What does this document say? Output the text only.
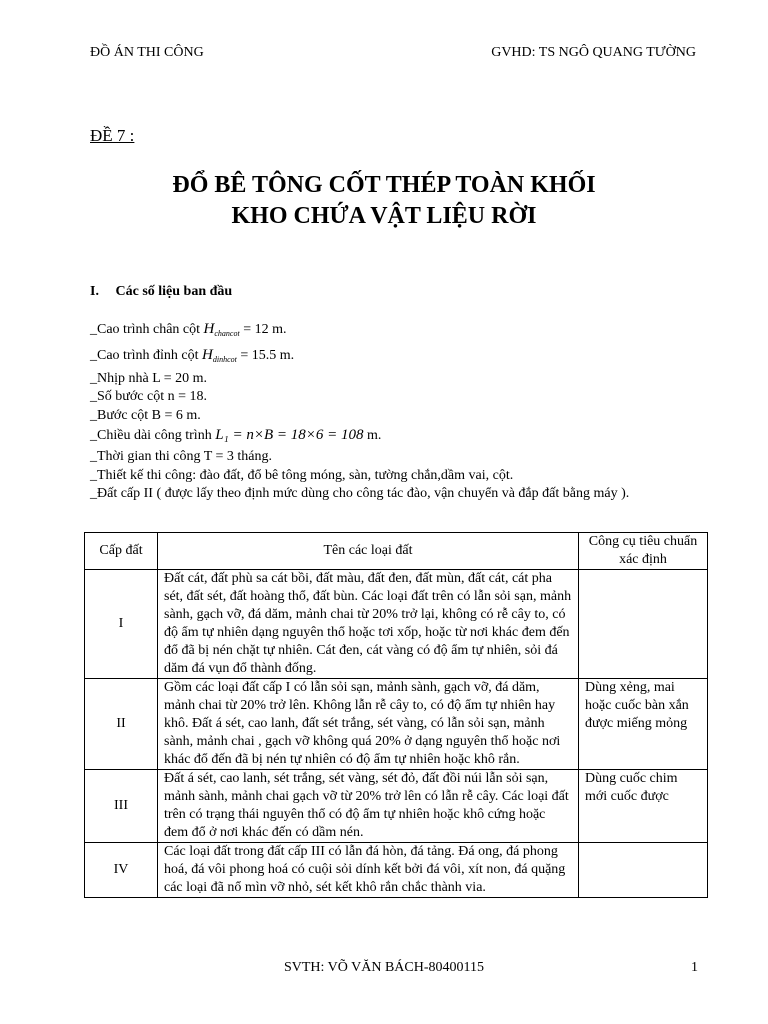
ĐỒ ÁN THI CÔNG	GVHD: TS NGÔ QUANG TƯỜNG
ĐỀ 7 :
ĐỔ BÊ TÔNG CỐT THÉP TOÀN KHỐI
KHO CHỨA VẬT LIỆU RỜI
I. Các số liệu ban đầu
_Cao trình chân cột $H_{chancot} = 12$ m.
_Cao trình đỉnh cột $H_{dinhcot} = 15.5$ m.
_Nhịp nhà L = 20 m.
_Số bước cột n = 18.
_Bước cột B = 6 m.
_Chiều dài công trình L₁ = n×B = 18×6 = 108 m.
_Thời gian thi công T = 3 tháng.
_Thiết kế thi công: đào đất, đổ bê tông móng, sàn, tường chắn,dầm vai, cột.
_Đất cấp II ( được lấy theo định mức dùng cho công tác đào, vận chuyển và đắp đất bằng máy ).
Cấp đất	Tên các loại đất	Công cụ tiêu chuẩn xác định
I	Đất cát, đất phù sa cát bồi, đất màu, đất đen, đất mùn, đất cát, cát pha sét, đất sét, đất hoàng thổ, đất bùn. Các loại đất trên có lẫn sỏi sạn, mảnh sành, gạch vỡ, đá dăm, mảnh chai từ 20% trở lại, không có rễ cây to, có độ ẩm tự nhiên dạng nguyên thổ hoặc tơi xốp, hoặc từ nơi khác đem đến đổ đã bị nén chặt tự nhiên. Cát đen, cát vàng có độ ẩm tự nhiên, sỏi đá dăm đá vụn đổ thành đống.	
II	Gồm các loại đất cấp I có lẫn sỏi sạn, mảnh sành, gạch vỡ, đá dăm, mảnh chai từ 20% trở lên. Không lẫn rễ cây to, có độ ẩm tự nhiên hay khô. Đất á sét, cao lanh, đất sét trắng, sét vàng, có lẫn sỏi sạn, mảnh sành, mảnh chai , gạch vỡ không quá 20% ở dạng nguyên thổ hoặc nơi khác đổ đến đã bị nén tự nhiên có độ ẩm tự nhiên hoặc khô rắn.	Dùng xẻng, mai hoặc cuốc bàn xắn được miếng mỏng
III	Đất á sét, cao lanh, sét trắng, sét vàng, sét đỏ, đất đồi núi lẫn sỏi sạn, mảnh sành, mảnh chai gạch vỡ từ 20% trở lên có lẫn rễ cây. Các loại đất trên có trạng thái nguyên thổ có độ ẩm tự nhiên hoặc khô cứng hoặc đem đổ ở nơi khác đến có dầm nén.	Dùng cuốc chim mới cuốc được
IV	Các loại đất trong đất cấp III có lẫn đá hòn, đá tảng. Đá ong, đá phong hoá, đá vôi phong hoá có cuội sỏi dính kết bởi đá vôi, xít non, đá quặng các loại đã nổ mìn vỡ nhỏ, sét kết khô rắn chắc thành via.	
SVTH: VÕ VĂN BÁCH-80400115	1
